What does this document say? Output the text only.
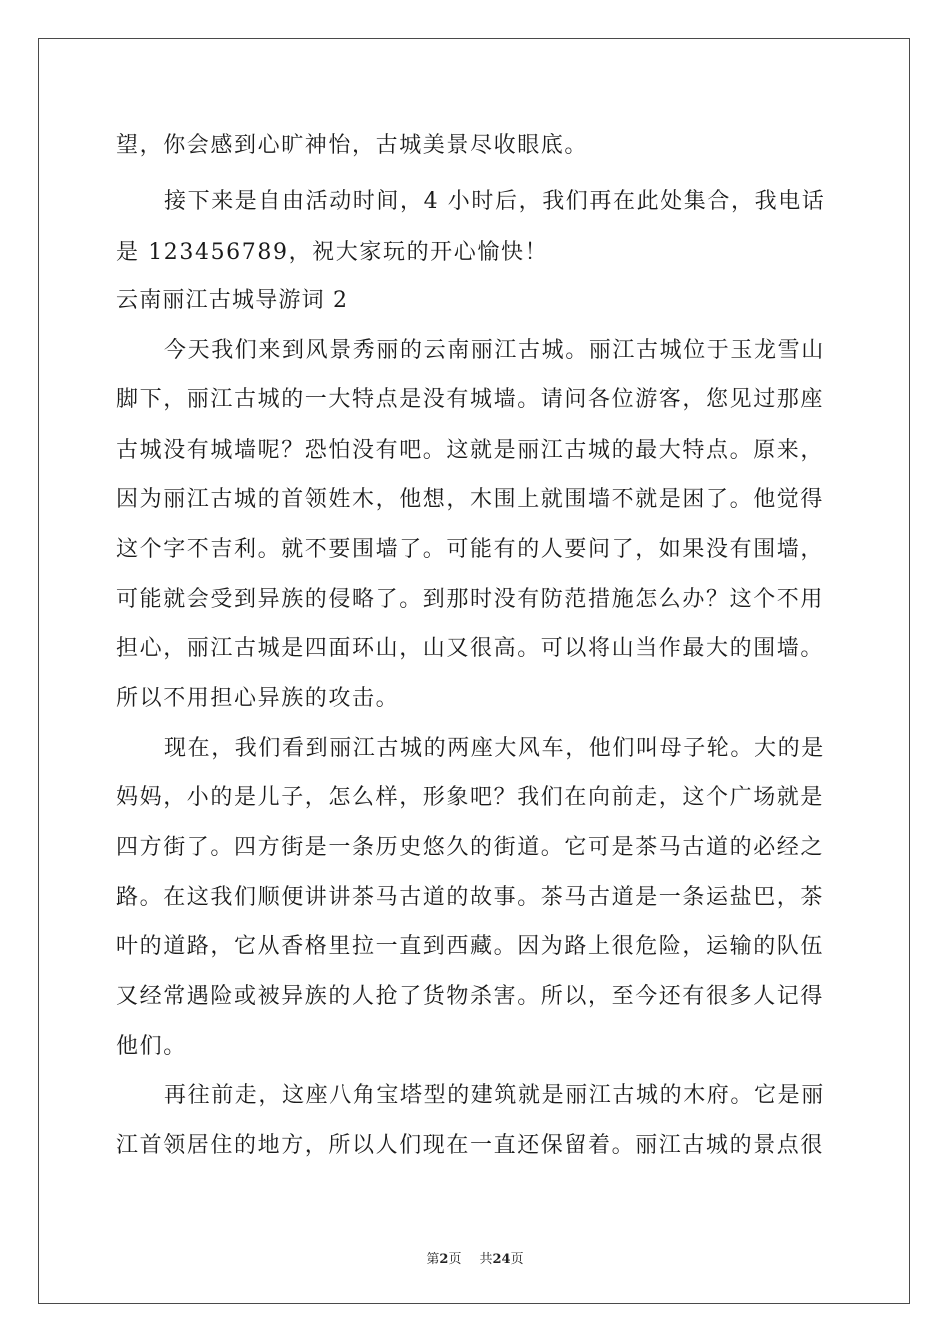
望，你会感到心旷神怡，古城美景尽收眼底。
接下来是自由活动时间，4 小时后，我们再在此处集合，我电话
是 123456789，祝大家玩的开心愉快！
云南丽江古城导游词 2
今天我们来到风景秀丽的云南丽江古城。丽江古城位于玉龙雪山
脚下，丽江古城的一大特点是没有城墙。请问各位游客，您见过那座
古城没有城墙呢？恐怕没有吧。这就是丽江古城的最大特点。原来，
因为丽江古城的首领姓木，他想，木围上就围墙不就是困了。他觉得
这个字不吉利。就不要围墙了。可能有的人要问了，如果没有围墙，
可能就会受到异族的侵略了。到那时没有防范措施怎么办？这个不用
担心，丽江古城是四面环山，山又很高。可以将山当作最大的围墙。
所以不用担心异族的攻击。
现在，我们看到丽江古城的两座大风车，他们叫母子轮。大的是
妈妈，小的是儿子，怎么样，形象吧？我们在向前走，这个广场就是
四方街了。四方街是一条历史悠久的街道。它可是茶马古道的必经之
路。在这我们顺便讲讲茶马古道的故事。茶马古道是一条运盐巴，茶
叶的道路，它从香格里拉一直到西藏。因为路上很危险，运输的队伍
又经常遇险或被异族的人抢了货物杀害。所以，至今还有很多人记得
他们。
再往前走，这座八角宝塔型的建筑就是丽江古城的木府。它是丽
江首领居住的地方，所以人们现在一直还保留着。丽江古城的景点很
第2页 共24页
